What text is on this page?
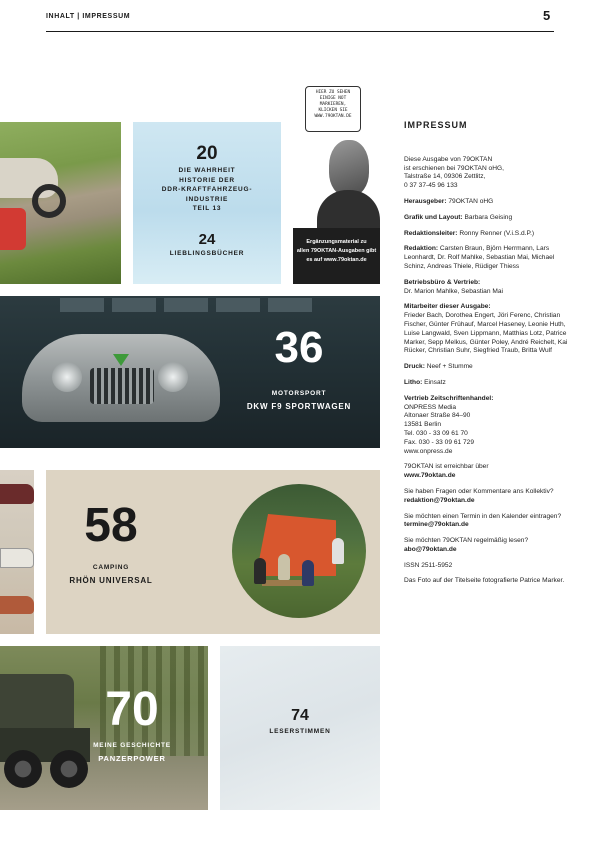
INHALT | IMPRESSUM	5
20
DIE WAHRHEIT
HISTORIE DER
DDR-KRAFTFAHRZEUG-
INDUSTRIE
TEIL 13
24
LIEBLINGSBÜCHER
HIER ZU SEHEN
EINIGE NOT
MARKIEREN,
KLICKEN SIE
WWW.79OKTAN.DE
Ergänzungsmaterial zu
allen 79OKTAN-Ausgaben gibt
es auf www.79oktan.de
36
MOTORSPORT
DKW F9 SPORTWAGEN
58
CAMPING
RHÖN UNIVERSAL
70
MEINE GESCHICHTE
PANZERPOWER
74
LESERSTIMMEN
IMPRESSUM
Diese Ausgabe von 79OKTAN
ist erschienen bei 79OKTAN oHG,
Talstraße 14, 09306 Zettlitz,
0 37 37-45 96 133
Herausgeber: 79OKTAN oHG
Grafik und Layout: Barbara Geising
Redaktionsleiter: Ronny Renner (V.i.S.d.P.)
Redaktion: Carsten Braun, Björn Herrmann, Lars Leonhardt, Dr. Rolf Mahlke, Sebastian Mai, Michael Schinz, Andreas Thiele, Rüdiger Thiess
Betriebsbüro & Vertrieb:
Dr. Marion Mahlke, Sebastian Mai
Mitarbeiter dieser Ausgabe:
Frieder Bach, Dorothea Engert, Jöri Ferenc, Christian Fischer, Günter Frühauf, Marcel Haseney, Leonie Huth, Luise Langwald, Sven Lippmann, Matthias Lotz, Patrice Marker, Sepp Melkus, Günter Poley, André Reichelt, Kai Rücker, Christian Suhr, Siegfried Traub, Britta Wulf
Druck: Neef + Stumme
Litho: Einsatz
Vertrieb Zeitschriftenhandel:
ONPRESS Media
Altonaer Straße 84–90
13581 Berlin
Tel. 030 - 33 09 61 70
Fax. 030 - 33 09 61 729
www.onpress.de
79OKTAN ist erreichbar über
www.79oktan.de
Sie haben Fragen oder Kommentare ans Kollektiv?
redaktion@79oktan.de
Sie möchten einen Termin in den Kalender eintragen?
termine@79oktan.de
Sie möchten 79OKTAN regelmäßig lesen?
abo@79oktan.de
ISSN 2511-5952
Das Foto auf der Titelseite fotografierte Patrice Marker.
